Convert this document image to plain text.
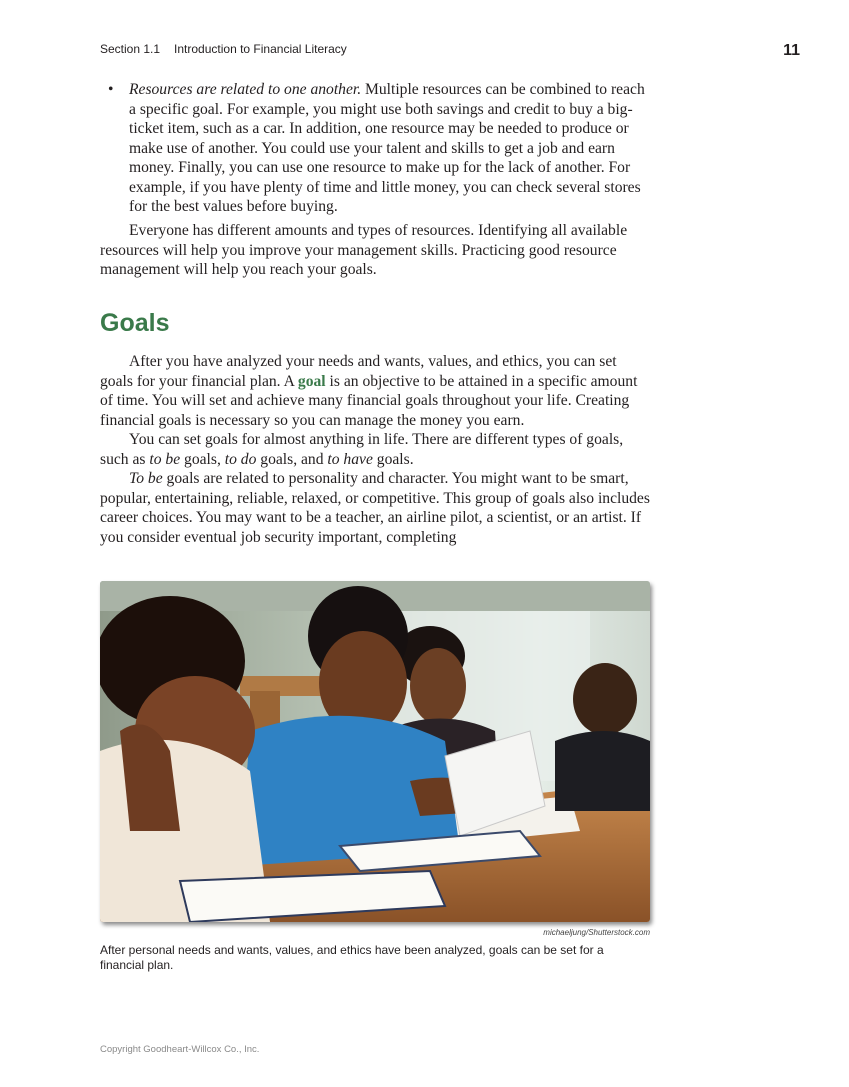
Section 1.1 Introduction to Financial Literacy	11
• Resources are related to one another. Multiple resources can be combined to reach a specific goal. For example, you might use both savings and credit to buy a big-ticket item, such as a car. In addition, one resource may be needed to produce or make use of another. You could use your talent and skills to get a job and earn money. Finally, you can use one resource to make up for the lack of another. For example, if you have plenty of time and little money, you can check several stores for the best values before buying.

Everyone has different amounts and types of resources. Identifying all available resources will help you improve your management skills. Practicing good resource management will help you reach your goals.

Goals

After you have analyzed your needs and wants, values, and ethics, you can set goals for your financial plan. A goal is an objective to be attained in a specific amount of time. You will set and achieve many financial goals throughout your life. Creating financial goals is necessary so you can manage the money you earn.

You can set goals for almost anything in life. There are different types of goals, such as to be goals, to do goals, and to have goals.

To be goals are related to personality and character. You might want to be smart, popular, entertaining, reliable, relaxed, or competitive. This group of goals also includes career choices. You may want to be a teacher, an airline pilot, a scientist, or an artist. If you consider eventual job security important, completing

michaeljung/Shutterstock.com

After personal needs and wants, values, and ethics have been analyzed, goals can be set for a financial plan.

Copyright Goodheart-Willcox Co., Inc.
